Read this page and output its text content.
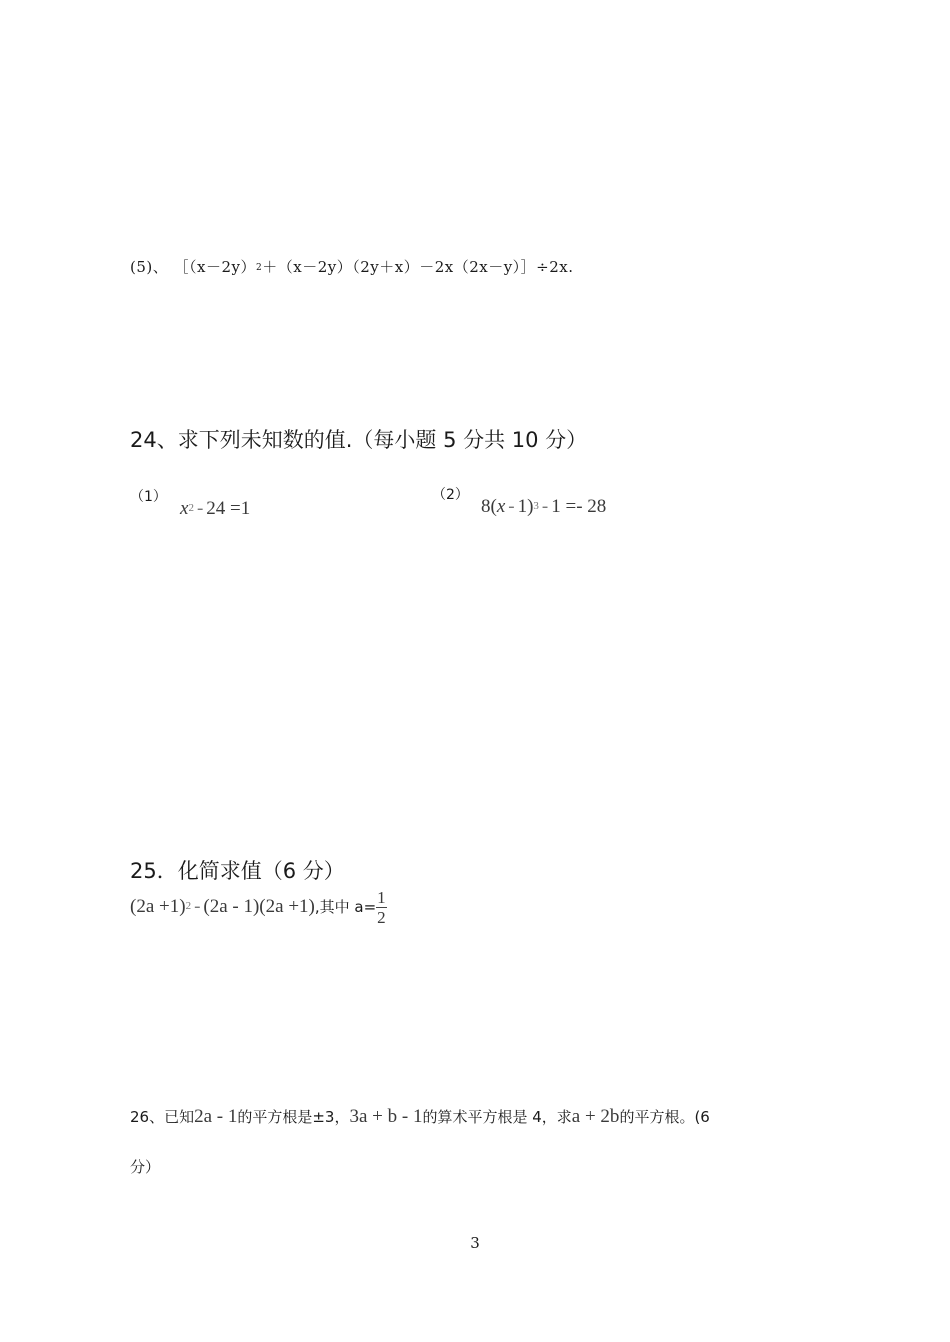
(5)、 $[(x-2y)^2+(x-2y)(2y+x)-2x(2x-y)]\div 2x$.
24、求下列未知数的值.（每小题 5 分共 10 分）
（1）
$x^2 - 24 =1$
（2）
8(x - 1)$^3$ - 1 =- 28
25．化简求值（6 分）
$(2a +1)^2 - (2a - 1)(2a +1)$,其中 $a= \frac{1}{2}$
26、已知2a - 1的平方根是±3，3a + b - 1的算术平方根是 4，求a + 2b的平方根。(6
分）
3
